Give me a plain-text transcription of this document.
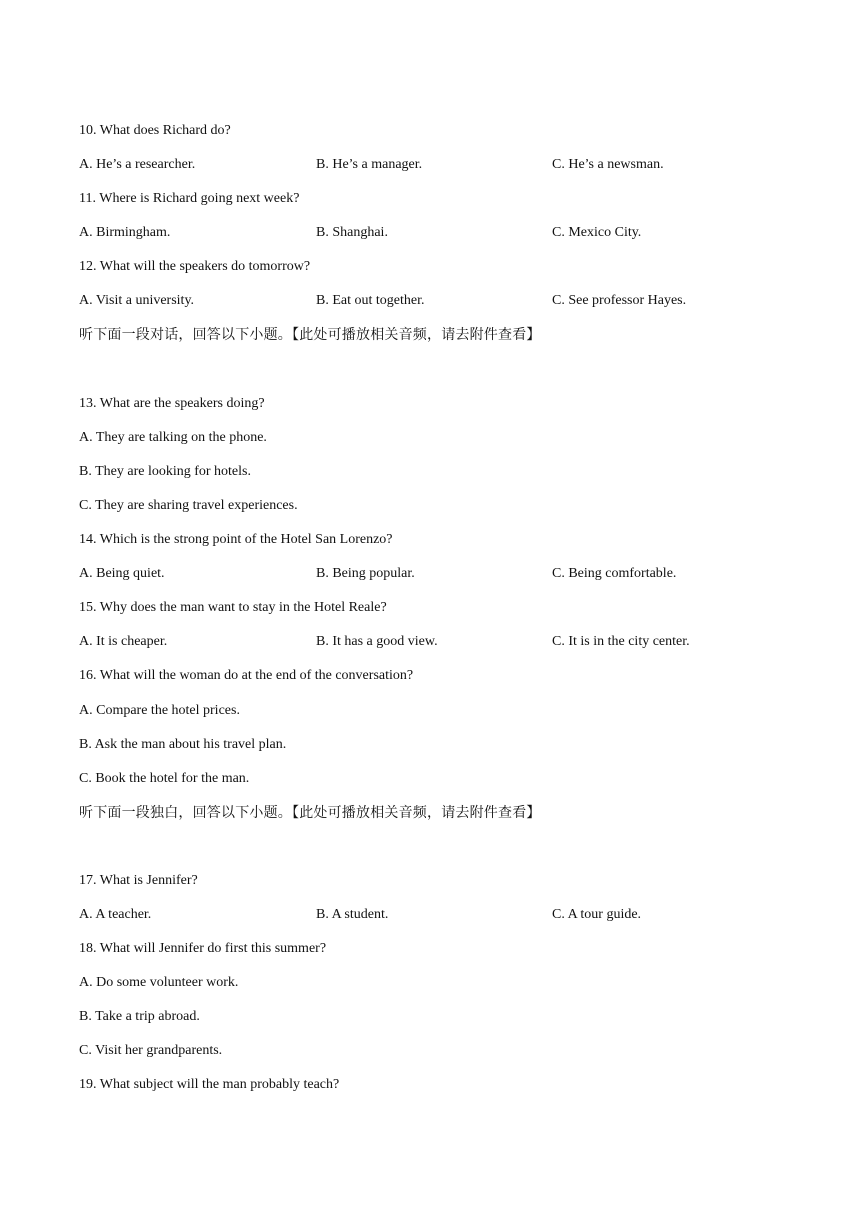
10. What does Richard do?
A. He’s a researcher.	B. He’s a manager.	C. He’s a newsman.
11. Where is Richard going next week?
A. Birmingham.	B. Shanghai.	C. Mexico City.
12. What will the speakers do tomorrow?
A. Visit a university.	B. Eat out together.	C. See professor Hayes.
听下面一段对话，回答以下小题。【此处可播放相关音频，请去附件查看】
13. What are the speakers doing?
A. They are talking on the phone.
B. They are looking for hotels.
C. They are sharing travel experiences.
14. Which is the strong point of the Hotel San Lorenzo?
A. Being quiet.	B. Being popular.	C. Being comfortable.
15. Why does the man want to stay in the Hotel Reale?
A. It is cheaper.	B. It has a good view.	C. It is in the city center.
16. What will the woman do at the end of the conversation?
A. Compare the hotel prices.
B. Ask the man about his travel plan.
C. Book the hotel for the man.
听下面一段独白，回答以下小题。【此处可播放相关音频，请去附件查看】
17. What is Jennifer?
A. A teacher.	B. A student.	C. A tour guide.
18. What will Jennifer do first this summer?
A. Do some volunteer work.
B. Take a trip abroad.
C. Visit her grandparents.
19. What subject will the man probably teach?
